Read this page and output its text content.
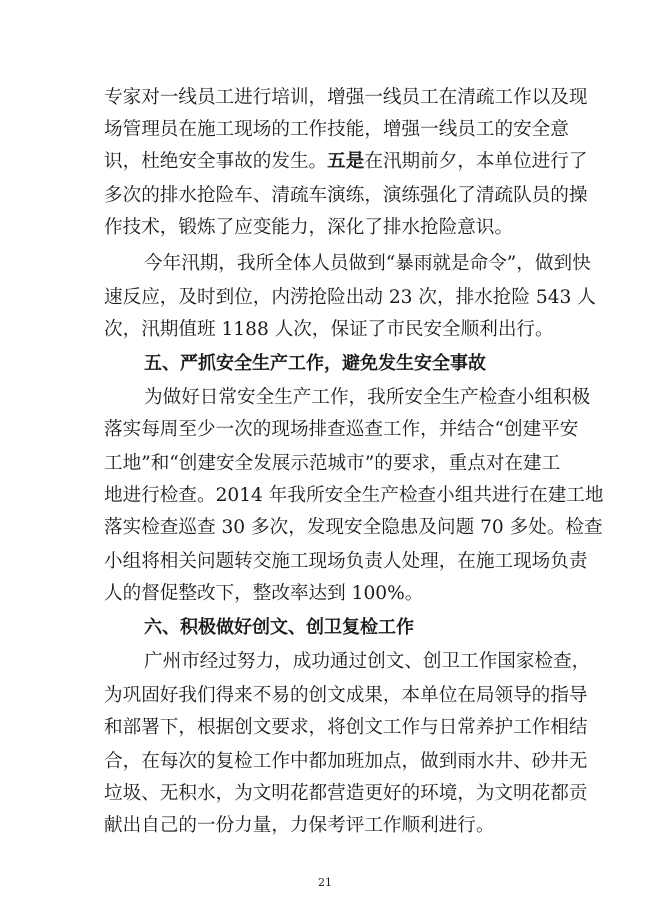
专家对一线员工进行培训，增强一线员工在清疏工作以及现

场管理员在施工现场的工作技能，增强一线员工的安全意

识，杜绝安全事故的发生。五是在汛期前夕，本单位进行了

多次的排水抢险车、清疏车演练，演练强化了清疏队员的操

作技术，锻炼了应变能力，深化了排水抢险意识。

今年汛期，我所全体人员做到“暴雨就是命令”，做到快

速反应，及时到位，内涝抢险出动 23 次，排水抢险 543 人

次，汛期值班 1188 人次，保证了市民安全顺利出行。

五、严抓安全生产工作，避免发生安全事故

为做好日常安全生产工作，我所安全生产检查小组积极

落实每周至少一次的现场排查巡查工作，并结合“创建平安

工地”和“创建安全发展示范城市”的要求，重点对在建工

地进行检查。2014 年我所安全生产检查小组共进行在建工地

落实检查巡查 30 多次，发现安全隐患及问题 70 多处。检查

小组将相关问题转交施工现场负责人处理，在施工现场负责

人的督促整改下，整改率达到 100%。

六、积极做好创文、创卫复检工作

广州市经过努力，成功通过创文、创卫工作国家检查，

为巩固好我们得来不易的创文成果，本单位在局领导的指导

和部署下，根据创文要求，将创文工作与日常养护工作相结

合，在每次的复检工作中都加班加点，做到雨水井、砂井无

垃圾、无积水，为文明花都营造更好的环境，为文明花都贡

献出自己的一份力量，力保考评工作顺利进行。

21
